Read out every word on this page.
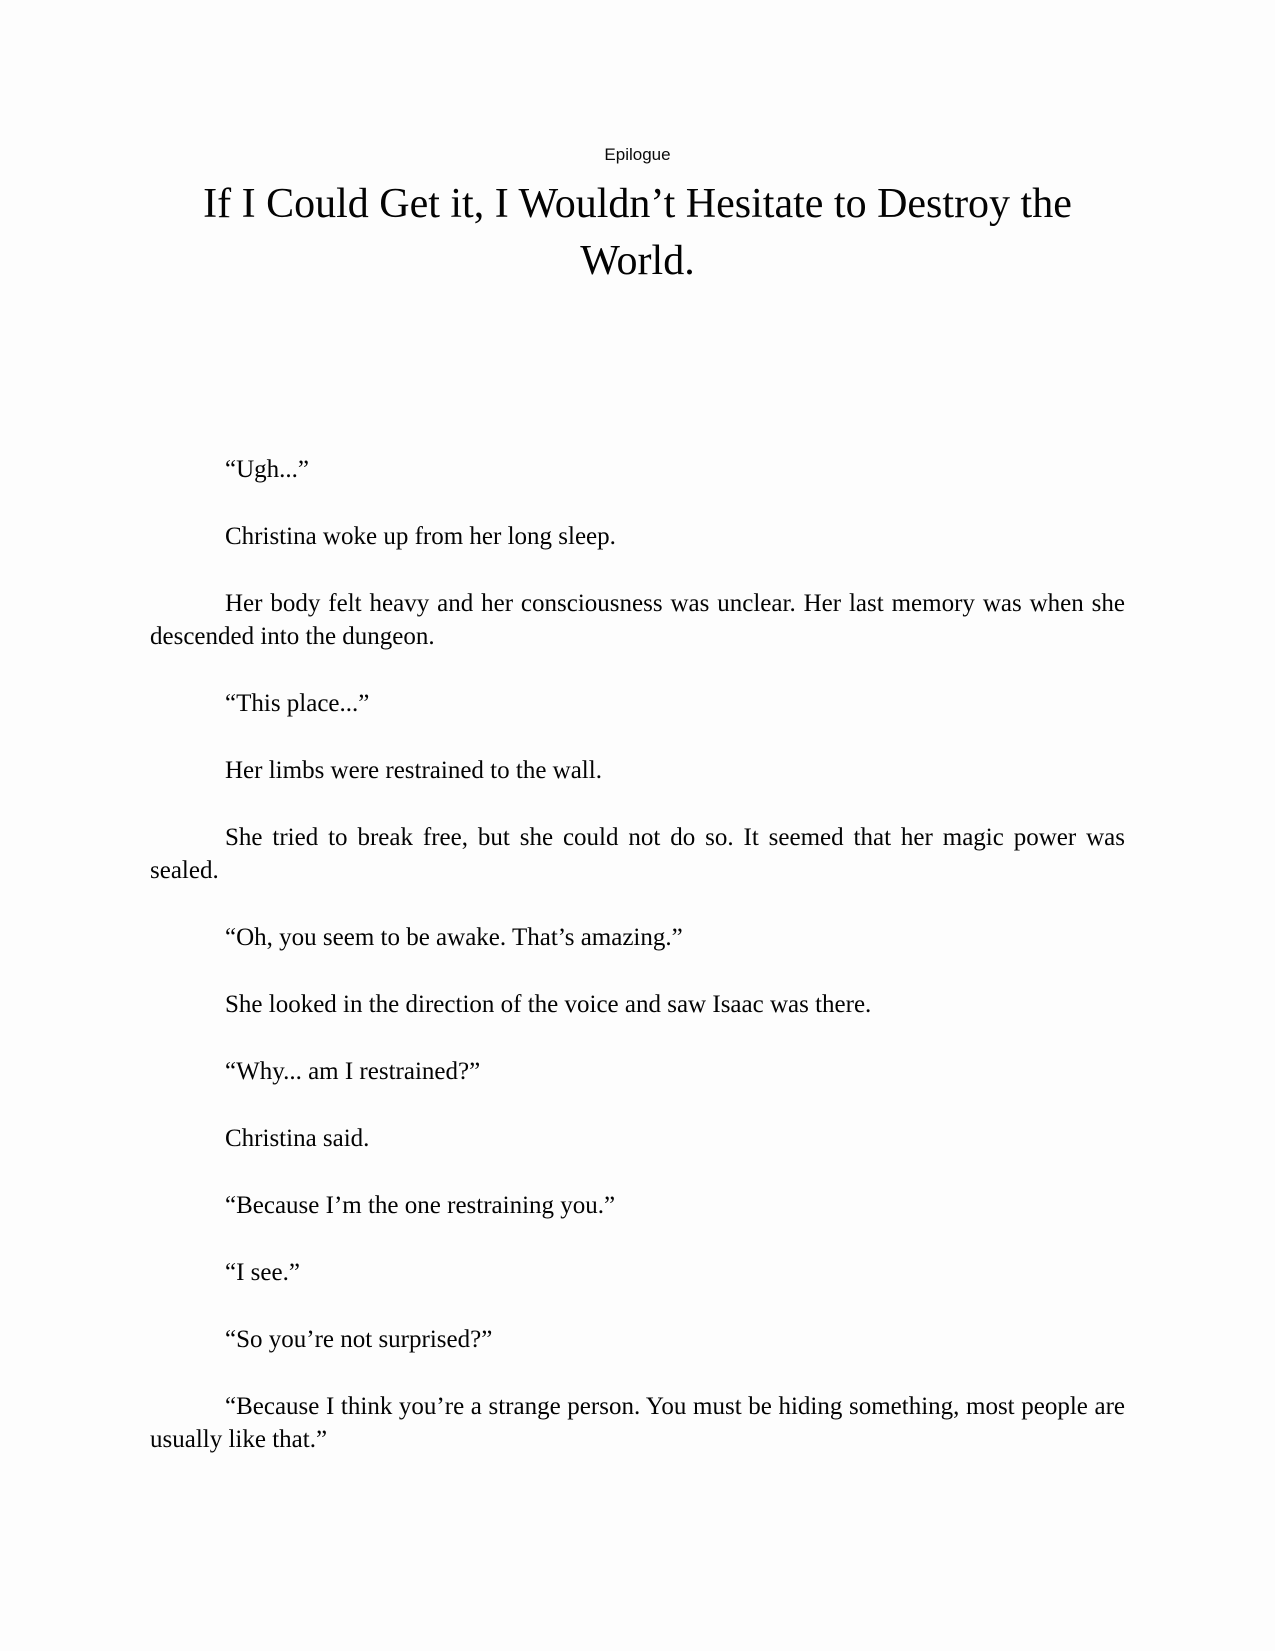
Epilogue
If I Could Get it, I Wouldn’t Hesitate to Destroy the World.

“Ugh...”

Christina woke up from her long sleep.

Her body felt heavy and her consciousness was unclear. Her last memory was when she descended into the dungeon.

“This place...”

Her limbs were restrained to the wall.

She tried to break free, but she could not do so. It seemed that her magic power was sealed.

“Oh, you seem to be awake. That’s amazing.”

She looked in the direction of the voice and saw Isaac was there.

“Why... am I restrained?”

Christina said.

“Because I’m the one restraining you.”

“I see.”

“So you’re not surprised?”

“Because I think you’re a strange person. You must be hiding something, most people are usually like that.”
